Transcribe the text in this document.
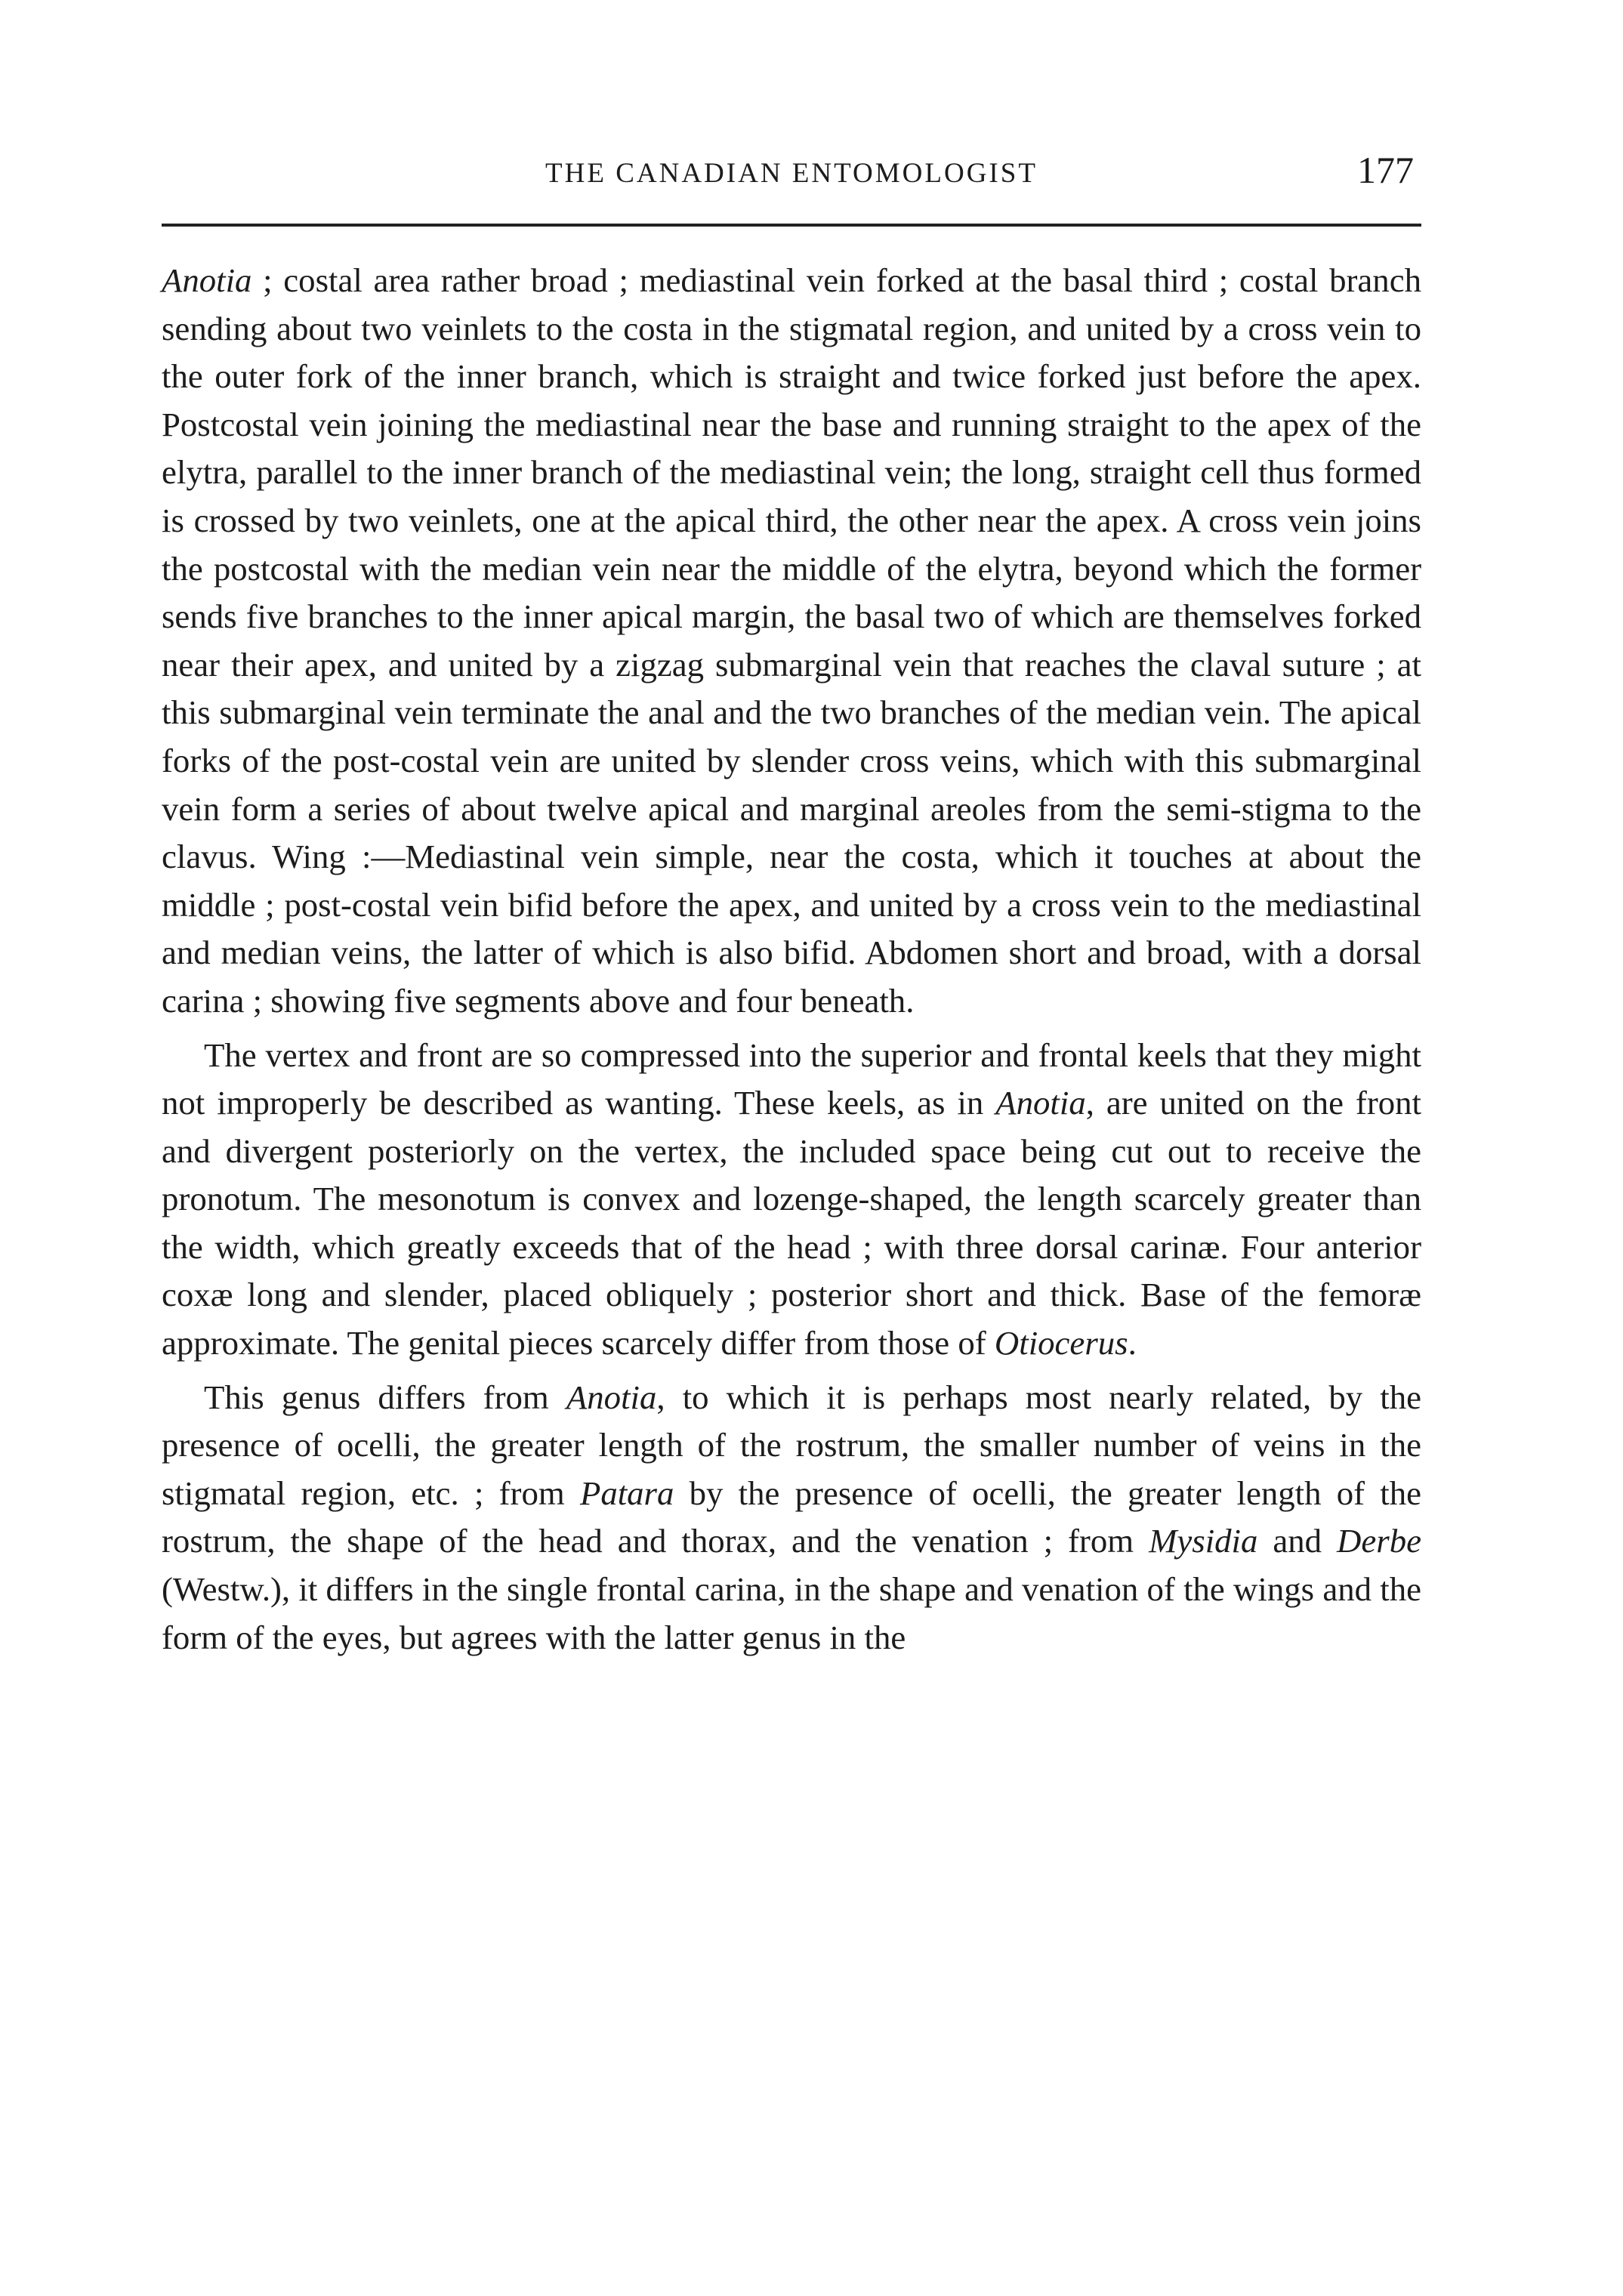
THE CANADIAN ENTOMOLOGIST	177

Anotia ; costal area rather broad ; mediastinal vein forked at the basal third ; costal branch sending about two veinlets to the costa in the stigmatal region, and united by a cross vein to the outer fork of the inner branch, which is straight and twice forked just before the apex. Postcostal vein joining the mediastinal near the base and running straight to the apex of the elytra, parallel to the inner branch of the mediastinal vein; the long, straight cell thus formed is crossed by two veinlets, one at the apical third, the other near the apex. A cross vein joins the postcostal with the median vein near the middle of the elytra, beyond which the former sends five branches to the inner apical margin, the basal two of which are themselves forked near their apex, and united by a zigzag submarginal vein that reaches the claval suture ; at this submarginal vein terminate the anal and the two branches of the median vein. The apical forks of the post-costal vein are united by slender cross veins, which with this submarginal vein form a series of about twelve apical and marginal areoles from the semi-stigma to the clavus. Wing :—Mediastinal vein simple, near the costa, which it touches at about the middle ; post-costal vein bifid before the apex, and united by a cross vein to the mediastinal and median veins, the latter of which is also bifid. Abdomen short and broad, with a dorsal carina ; showing five segments above and four beneath.

The vertex and front are so compressed into the superior and frontal keels that they might not improperly be described as wanting. These keels, as in Anotia, are united on the front and divergent posteriorly on the vertex, the included space being cut out to receive the pronotum. The mesonotum is convex and lozenge-shaped, the length scarcely greater than the width, which greatly exceeds that of the head ; with three dorsal carinæ. Four anterior coxæ long and slender, placed obliquely ; posterior short and thick. Base of the femoræ approximate. The genital pieces scarcely differ from those of Otiocerus.

This genus differs from Anotia, to which it is perhaps most nearly related, by the presence of ocelli, the greater length of the rostrum, the smaller number of veins in the stigmatal region, etc. ; from Patara by the presence of ocelli, the greater length of the rostrum, the shape of the head and thorax, and the venation ; from Mysidia and Derbe (Westw.), it differs in the single frontal carina, in the shape and venation of the wings and the form of the eyes, but agrees with the latter genus in the
